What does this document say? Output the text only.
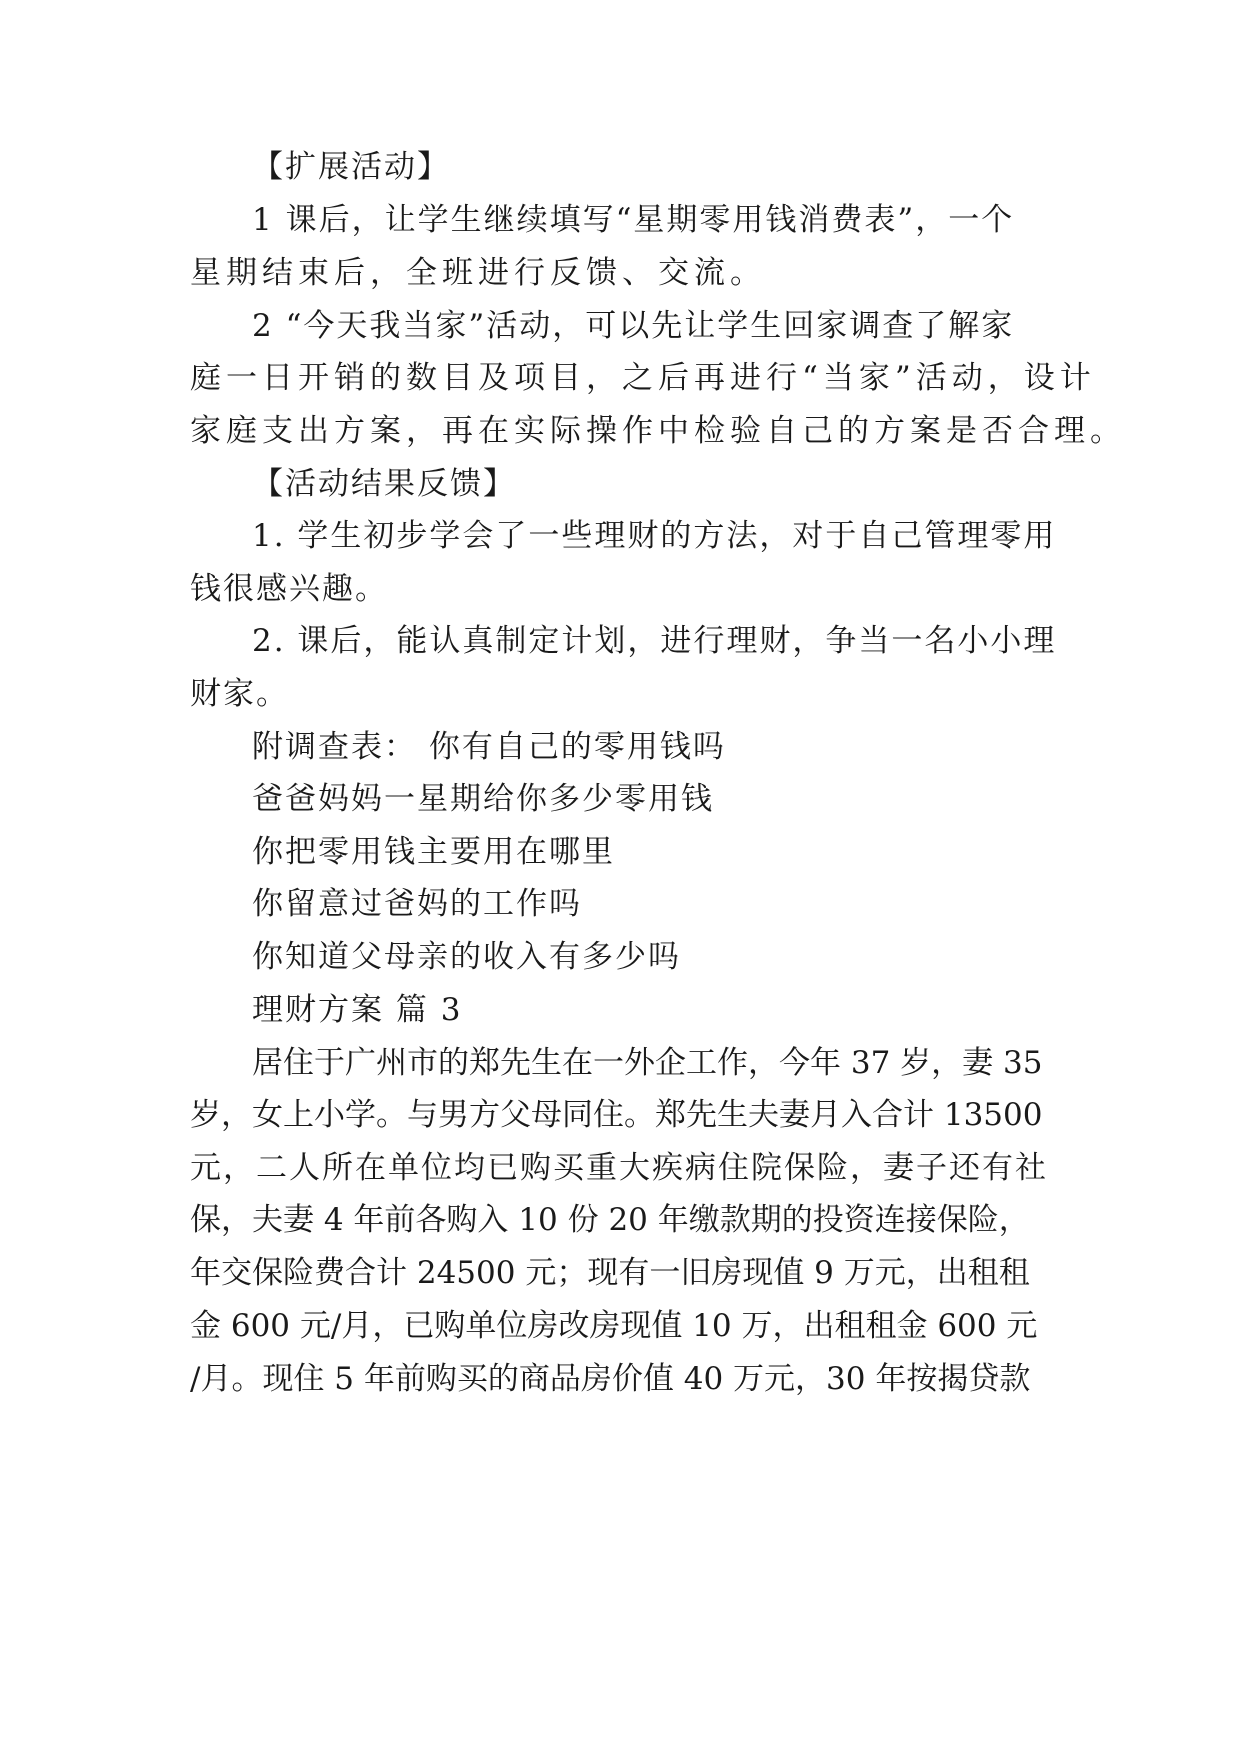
【扩展活动】
1 课后，让学生继续填写“星期零用钱消费表”，一个
星期结束后，全班进行反馈、交流。
2 “今天我当家”活动，可以先让学生回家调查了解家
庭一日开销的数目及项目，之后再进行“当家”活动，设计
家庭支出方案，再在实际操作中检验自己的方案是否合理。
【活动结果反馈】
1. 学生初步学会了一些理财的方法，对于自己管理零用
钱很感兴趣。
2. 课后，能认真制定计划，进行理财，争当一名小小理
财家。
附调查表： 你有自己的零用钱吗
爸爸妈妈一星期给你多少零用钱
你把零用钱主要用在哪里
你留意过爸妈的工作吗
你知道父母亲的收入有多少吗
理财方案 篇 3
居住于广州市的郑先生在一外企工作，今年 37 岁，妻 35
岁，女上小学。与男方父母同住。郑先生夫妻月入合计 13500
元，二人所在单位均已购买重大疾病住院保险，妻子还有社
保，夫妻 4 年前各购入 10 份 20 年缴款期的投资连接保险，
年交保险费合计 24500 元；现有一旧房现值 9 万元，出租租
金 600 元/月，已购单位房改房现值 10 万，出租租金 600 元
/月。现住 5 年前购买的商品房价值 40 万元，30 年按揭贷款
